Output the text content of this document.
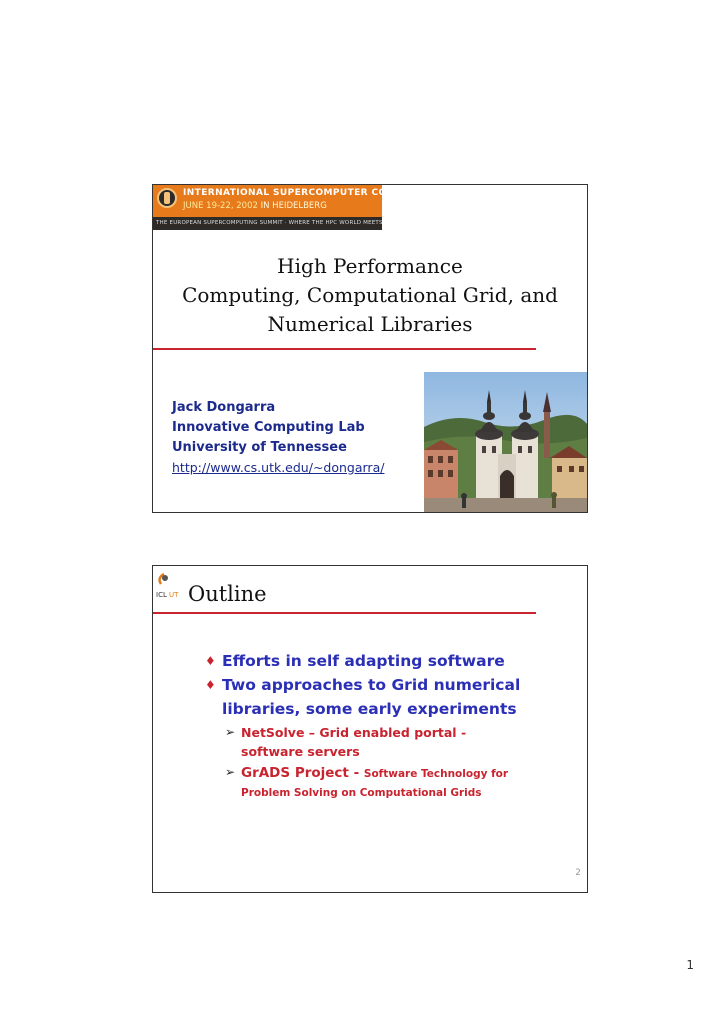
INTERNATIONAL SUPERCOMPUTER CONFERENCE
JUNE 19-22, 2002 IN HEIDELBERG
THE EUROPEAN SUPERCOMPUTING SUMMIT · WHERE THE HPC WORLD MEETS
High Performance
Computing, Computational Grid, and
Numerical Libraries
Jack Dongarra
Innovative Computing Lab
University of Tennessee
http://www.cs.utk.edu/~dongarra/
ICL UT Outline
♦ Efforts in self adapting software
♦ Two approaches to Grid numerical
libraries, some early experiments
➢ NetSolve – Grid enabled portal -
software servers
➢ GrADS Project - Software Technology for
Problem Solving on Computational Grids
2
1
